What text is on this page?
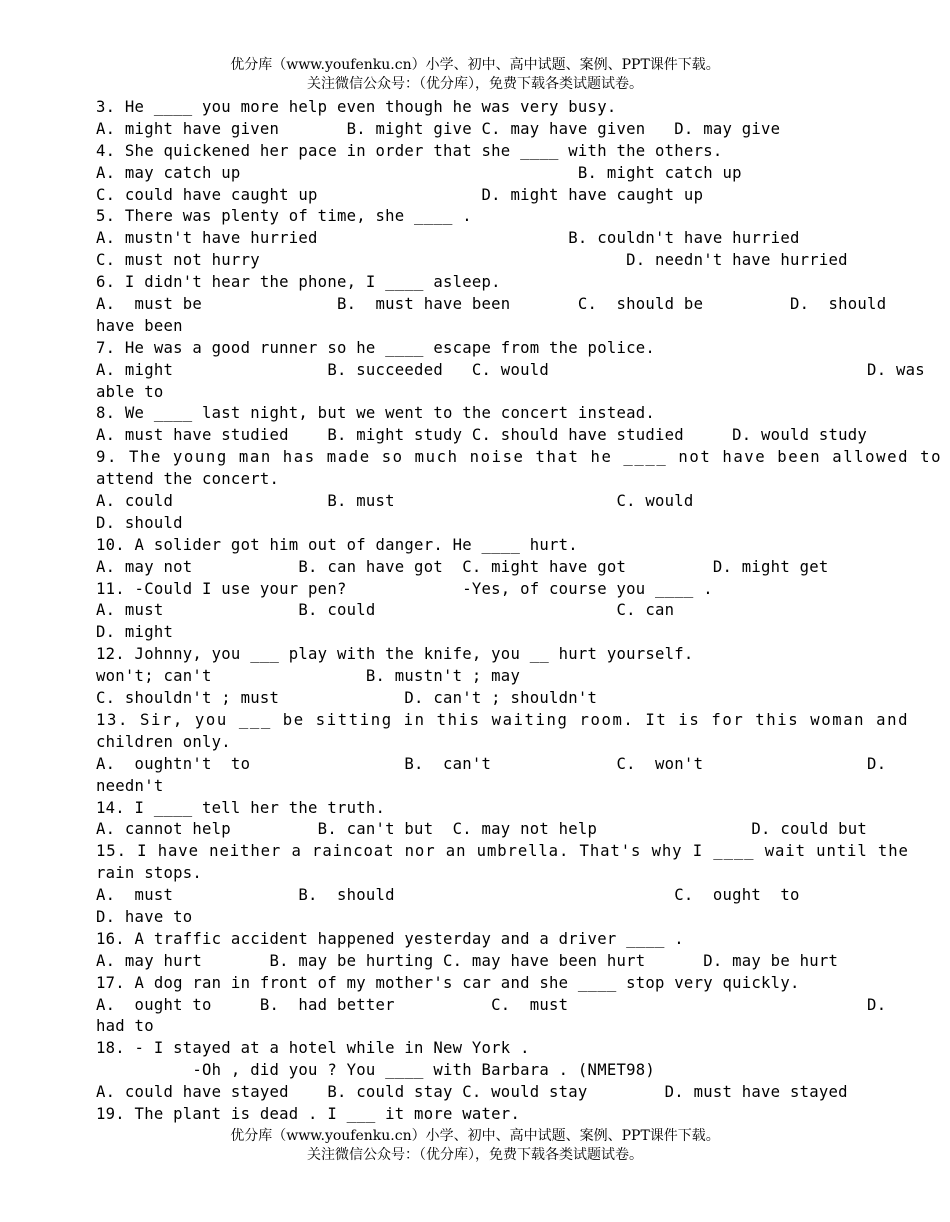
优分库（www.youfenku.cn）小学、初中、高中试题、案例、PPT课件下载。
关注微信公众号：（优分库），免费下载各类试题试卷。
3. He ____ you more help even though he was very busy.
A. might have given       B. might give C. may have given   D. may give
4. She quickened her pace in order that she ____ with the others.
A. may catch up                                   B. might catch up
C. could have caught up                 D. might have caught up
5. There was plenty of time, she ____ .
A. mustn't have hurried                          B. couldn't have hurried
C. must not hurry                                      D. needn't have hurried
6. I didn't hear the phone, I ____ asleep.
A.  must be              B.  must have been       C.  should be         D.  should
have been
7. He was a good runner so he ____ escape from the police.
A. might                B. succeeded   C. would                                 D. was
able to
8. We ____ last night, but we went to the concert instead.
A. must have studied    B. might study C. should have studied     D. would study
9. The young man has made so much noise that he ____ not have been allowed to
attend the concert.
A. could                B. must                       C. would
D. should
10. A solider got him out of danger. He ____ hurt.
A. may not           B. can have got  C. might have got         D. might get
11. -Could I use your pen?            -Yes, of course you ____ .
A. must              B. could                         C. can
D. might
12. Johnny, you ___ play with the knife, you __ hurt yourself.
won't; can't                B. mustn't ; may
C. shouldn't ; must             D. can't ; shouldn't
13. Sir, you ___ be sitting in this waiting room. It is for this woman and
children only.
A.  oughtn't  to                B.  can't             C.  won't                 D.
needn't
14. I ____ tell her the truth.
A. cannot help         B. can't but  C. may not help                D. could but
15. I have neither a raincoat nor an umbrella. That's why I ____ wait until the
rain stops.
A.  must             B.  should                             C.  ought  to
D. have to
16. A traffic accident happened yesterday and a driver ____ .
A. may hurt       B. may be hurting C. may have been hurt      D. may be hurt
17. A dog ran in front of my mother's car and she ____ stop very quickly.
A.  ought to     B.  had better          C.  must                               D.
had to
18. - I stayed at a hotel while in New York .
-Oh , did you ? You ____ with Barbara . (NMET98)
A. could have stayed    B. could stay C. would stay        D. must have stayed
19. The plant is dead . I ___ it more water.
优分库（www.youfenku.cn）小学、初中、高中试题、案例、PPT课件下载。
关注微信公众号：（优分库），免费下载各类试题试卷。
